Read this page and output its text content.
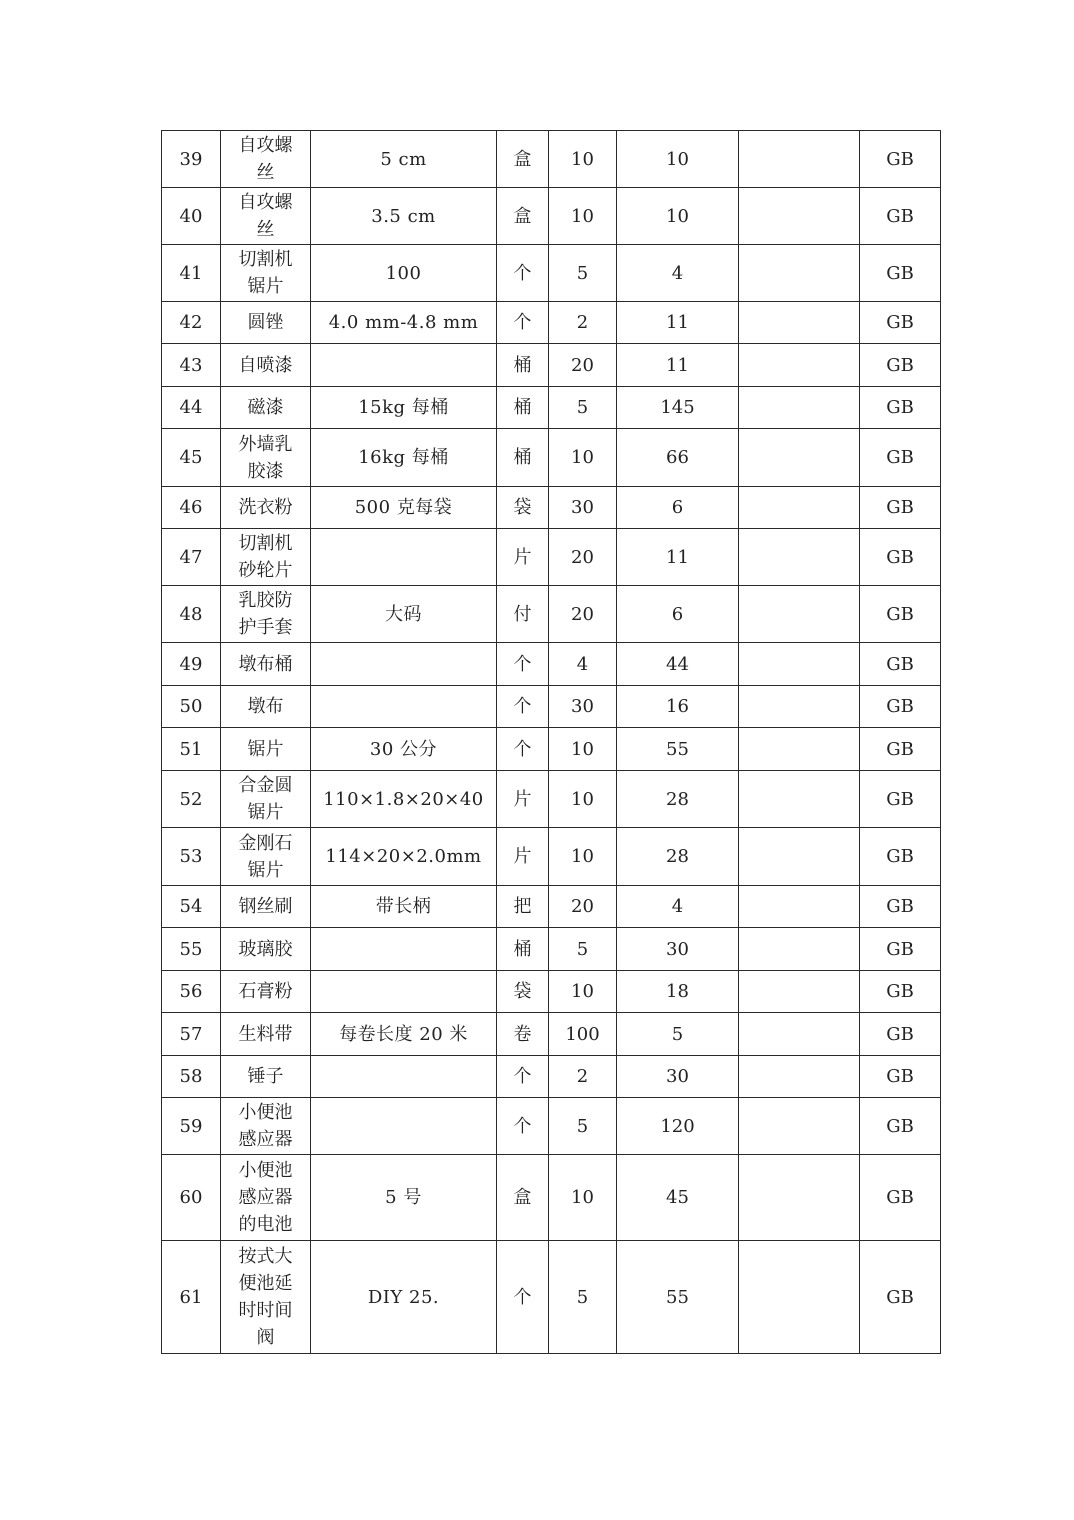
39	自攻螺丝	5 cm	盒	10	10		GB
40	自攻螺丝	3.5 cm	盒	10	10		GB
41	切割机锯片	100	个	5	4		GB
42	圆锉	4.0 mm-4.8 mm	个	2	11		GB
43	自喷漆		桶	20	11		GB
44	磁漆	15kg 每桶	桶	5	145		GB
45	外墙乳胶漆	16kg 每桶	桶	10	66		GB
46	洗衣粉	500 克每袋	袋	30	6		GB
47	切割机砂轮片		片	20	11		GB
48	乳胶防护手套	大码	付	20	6		GB
49	墩布桶		个	4	44		GB
50	墩布		个	30	16		GB
51	锯片	30 公分	个	10	55		GB
52	合金圆锯片	110×1.8×20×40	片	10	28		GB
53	金刚石锯片	114×20×2.0mm	片	10	28		GB
54	钢丝刷	带长柄	把	20	4		GB
55	玻璃胶		桶	5	30		GB
56	石膏粉		袋	10	18		GB
57	生料带	每卷长度 20 米	卷	100	5		GB
58	锤子		个	2	30		GB
59	小便池感应器		个	5	120		GB
60	小便池感应器的电池	5 号	盒	10	45		GB
61	按式大便池延时时间阀	DIY 25.	个	5	55		GB
